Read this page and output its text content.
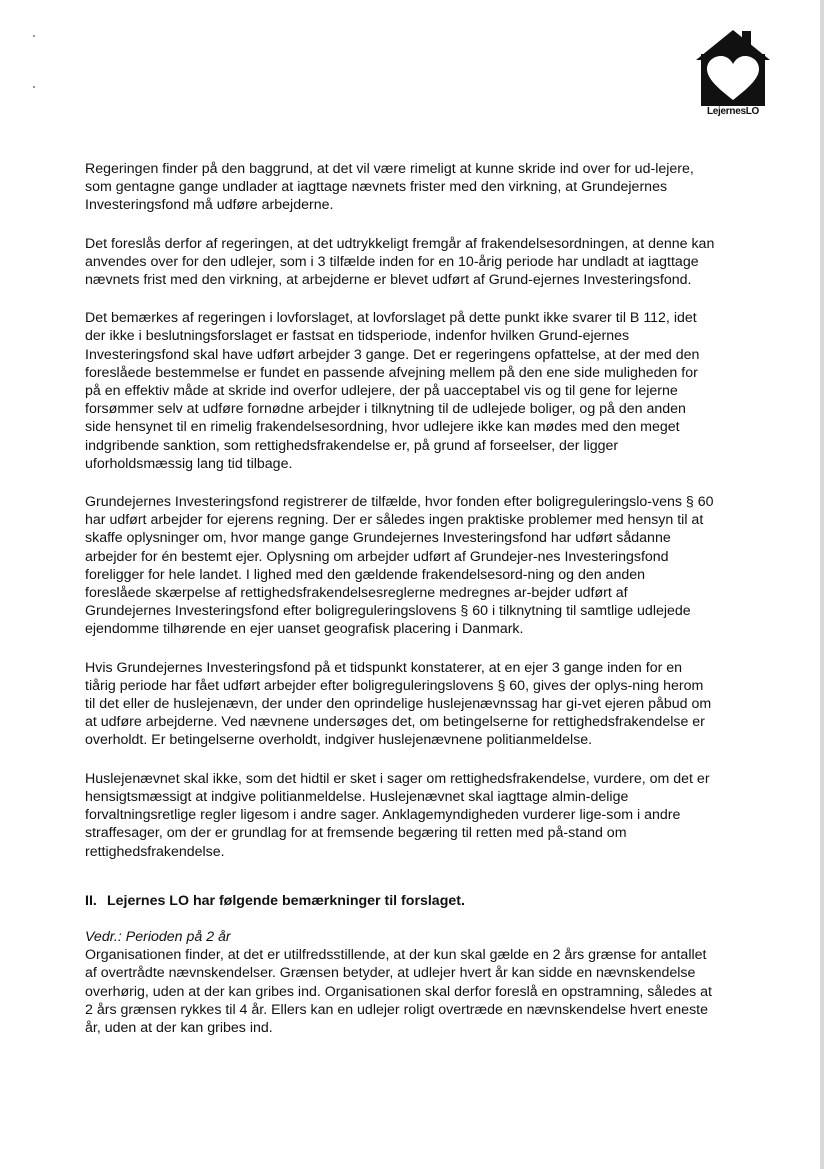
LejernesLO

Regeringen finder på den baggrund, at det vil være rimeligt at kunne skride ind over for ud-lejere, som gentagne gange undlader at iagttage nævnets frister med den virkning, at Grundejernes Investeringsfond må udføre arbejderne.

Det foreslås derfor af regeringen, at det udtrykkeligt fremgår af frakendelsesordningen, at denne kan anvendes over for den udlejer, som i 3 tilfælde inden for en 10-årig periode har undladt at iagttage nævnets frist med den virkning, at arbejderne er blevet udført af Grund-ejernes Investeringsfond.

Det bemærkes af regeringen i lovforslaget, at lovforslaget på dette punkt ikke svarer til B 112, idet der ikke i beslutningsforslaget er fastsat en tidsperiode, indenfor hvilken Grund-ejernes Investeringsfond skal have udført arbejder 3 gange. Det er regeringens opfattelse, at der med den foreslåede bestemmelse er fundet en passende afvejning mellem på den ene side muligheden for på en effektiv måde at skride ind overfor udlejere, der på uacceptabel vis og til gene for lejerne forsømmer selv at udføre fornødne arbejder i tilknytning til de udlejede boliger, og på den anden side hensynet til en rimelig frakendelsesordning, hvor udlejere ikke kan mødes med den meget indgribende sanktion, som rettighedsfrakendelse er, på grund af forseelser, der ligger uforholdsmæssig lang tid tilbage.

Grundejernes Investeringsfond registrerer de tilfælde, hvor fonden efter boligreguleringslo-vens § 60 har udført arbejder for ejerens regning. Der er således ingen praktiske problemer med hensyn til at skaffe oplysninger om, hvor mange gange Grundejernes Investeringsfond har udført sådanne arbejder for én bestemt ejer. Oplysning om arbejder udført af Grundejer-nes Investeringsfond foreligger for hele landet. I lighed med den gældende frakendelsesord-ning og den anden foreslåede skærpelse af rettighedsfrakendelsesreglerne medregnes ar-bejder udført af Grundejernes Investeringsfond efter boligreguleringslovens § 60 i tilknytning til samtlige udlejede ejendomme tilhørende en ejer uanset geografisk placering i Danmark.

Hvis Grundejernes Investeringsfond på et tidspunkt konstaterer, at en ejer 3 gange inden for en tiårig periode har fået udført arbejder efter boligreguleringslovens § 60, gives der oplys-ning herom til det eller de huslejenævn, der under den oprindelige huslejenævnssag har gi-vet ejeren påbud om at udføre arbejderne. Ved nævnene undersøges det, om betingelserne for rettighedsfrakendelse er overholdt. Er betingelserne overholdt, indgiver huslejenævnene politianmeldelse.

Huslejenævnet skal ikke, som det hidtil er sket i sager om rettighedsfrakendelse, vurdere, om det er hensigtsmæssigt at indgive politianmeldelse. Huslejenævnet skal iagttage almin-delige forvaltningsretlige regler ligesom i andre sager. Anklagemyndigheden vurderer lige-som i andre straffesager, om der er grundlag for at fremsende begæring til retten med på-stand om rettighedsfrakendelse.

II. Lejernes LO har følgende bemærkninger til forslaget.

Vedr.: Perioden på 2 år

Organisationen finder, at det er utilfredsstillende, at der kun skal gælde en 2 års grænse for antallet af overtrådte nævnskendelser. Grænsen betyder, at udlejer hvert år kan sidde en nævnskendelse overhørig, uden at der kan gribes ind. Organisationen skal derfor foreslå en opstramning, således at 2 års grænsen rykkes til 4 år. Ellers kan en udlejer roligt overtræde en nævnskendelse hvert eneste år, uden at der kan gribes ind.
